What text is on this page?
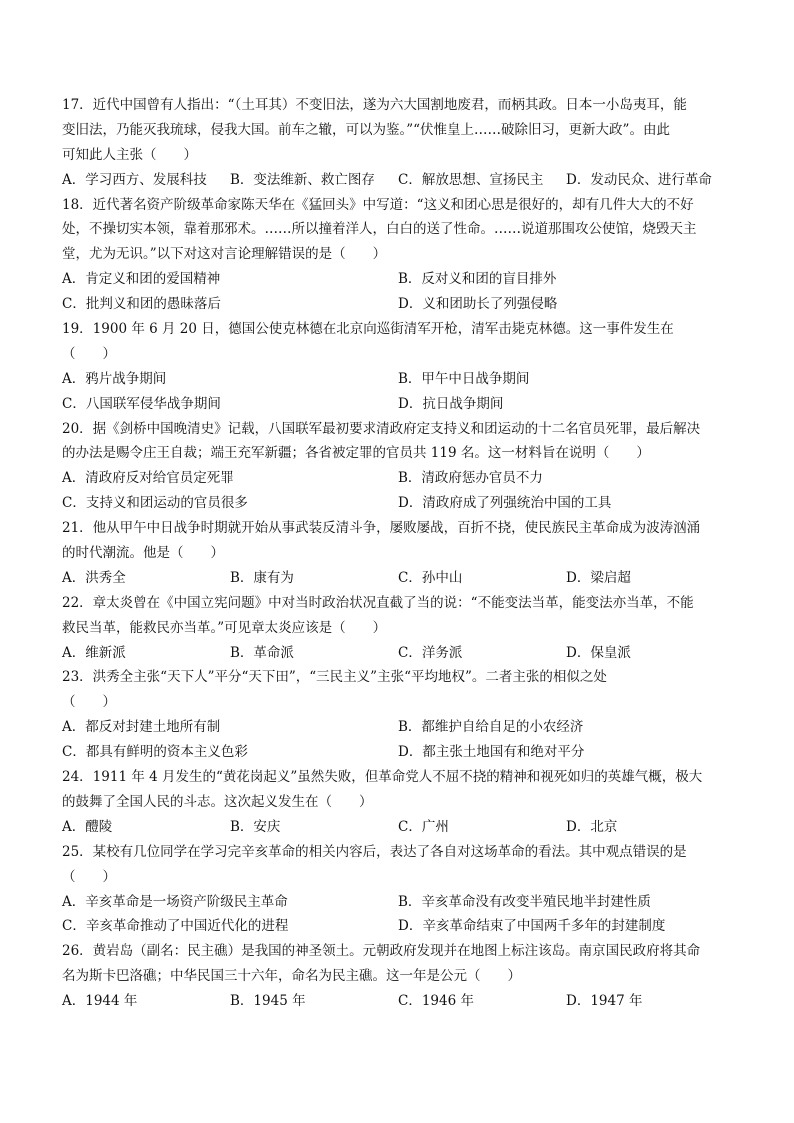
17．近代中国曾有人指出：“（土耳其）不变旧法，遂为六大国割地废君，而柄其政。日本一小岛夷耳，能
变旧法，乃能灭我琉球，侵我大国。前车之辙，可以为鉴。”“伏惟皇上……破除旧习，更新大政”。由此
可知此人主张（　　）
A．学习西方、发展科技	B．变法维新、救亡图存	C．解放思想、宣扬民主	D．发动民众、进行革命
18．近代著名资产阶级革命家陈天华在《猛回头》中写道：“这义和团心思是很好的，却有几件大大的不好
处，不操切实本领，靠着那邪术。……所以撞着洋人，白白的送了性命。……说道那围攻公使馆，烧毁天主
堂，尤为无识。”以下对这对言论理解错误的是（　　）
A．肯定义和团的爱国精神	B．反对义和团的盲目排外
C．批判义和团的愚昧落后	D．义和团助长了列强侵略
19．1900 年 6 月 20 日，德国公使克林德在北京向巡街清军开枪，清军击毙克林德。这一事件发生在
（　　）
A．鸦片战争期间	B．甲午中日战争期间
C．八国联军侵华战争期间	D．抗日战争期间
20．据《剑桥中国晚清史》记载，八国联军最初要求清政府定支持义和团运动的十二名官员死罪，最后解决
的办法是赐令庄王自裁；端王充军新疆；各省被定罪的官员共 119 名。这一材料旨在说明（　　）
A．清政府反对给官员定死罪	B．清政府惩办官员不力
C．支持义和团运动的官员很多	D．清政府成了列强统治中国的工具
21．他从甲午中日战争时期就开始从事武装反清斗争，屡败屡战，百折不挠，使民族民主革命成为波涛汹涌
的时代潮流。他是（　　）
A．洪秀全	B．康有为	C．孙中山	D．梁启超
22．章太炎曾在《中国立宪问题》中对当时政治状况直截了当的说：“不能变法当革，能变法亦当革，不能
救民当革，能救民亦当革。”可见章太炎应该是（　　）
A．维新派	B．革命派	C．洋务派	D．保皇派
23．洪秀全主张“天下人”平分“天下田”，“三民主义”主张“平均地权”。二者主张的相似之处
（　　）
A．都反对封建土地所有制	B．都维护自给自足的小农经济
C．都具有鲜明的资本主义色彩	D．都主张土地国有和绝对平分
24．1911 年 4 月发生的“黄花岗起义”虽然失败，但革命党人不屈不挠的精神和视死如归的英雄气概，极大
的鼓舞了全国人民的斗志。这次起义发生在（　　）
A．醴陵	B．安庆	C．广州	D．北京
25．某校有几位同学在学习完辛亥革命的相关内容后，表达了各自对这场革命的看法。其中观点错误的是
（　　）
A．辛亥革命是一场资产阶级民主革命	B．辛亥革命没有改变半殖民地半封建性质
C．辛亥革命推动了中国近代化的进程	D．辛亥革命结束了中国两千多年的封建制度
26．黄岩岛（副名：民主礁）是我国的神圣领土。元朝政府发现并在地图上标注该岛。南京国民政府将其命
名为斯卡巴洛礁；中华民国三十六年，命名为民主礁。这一年是公元（　　）
A．1944 年	B．1945 年	C．1946 年	D．1947 年
